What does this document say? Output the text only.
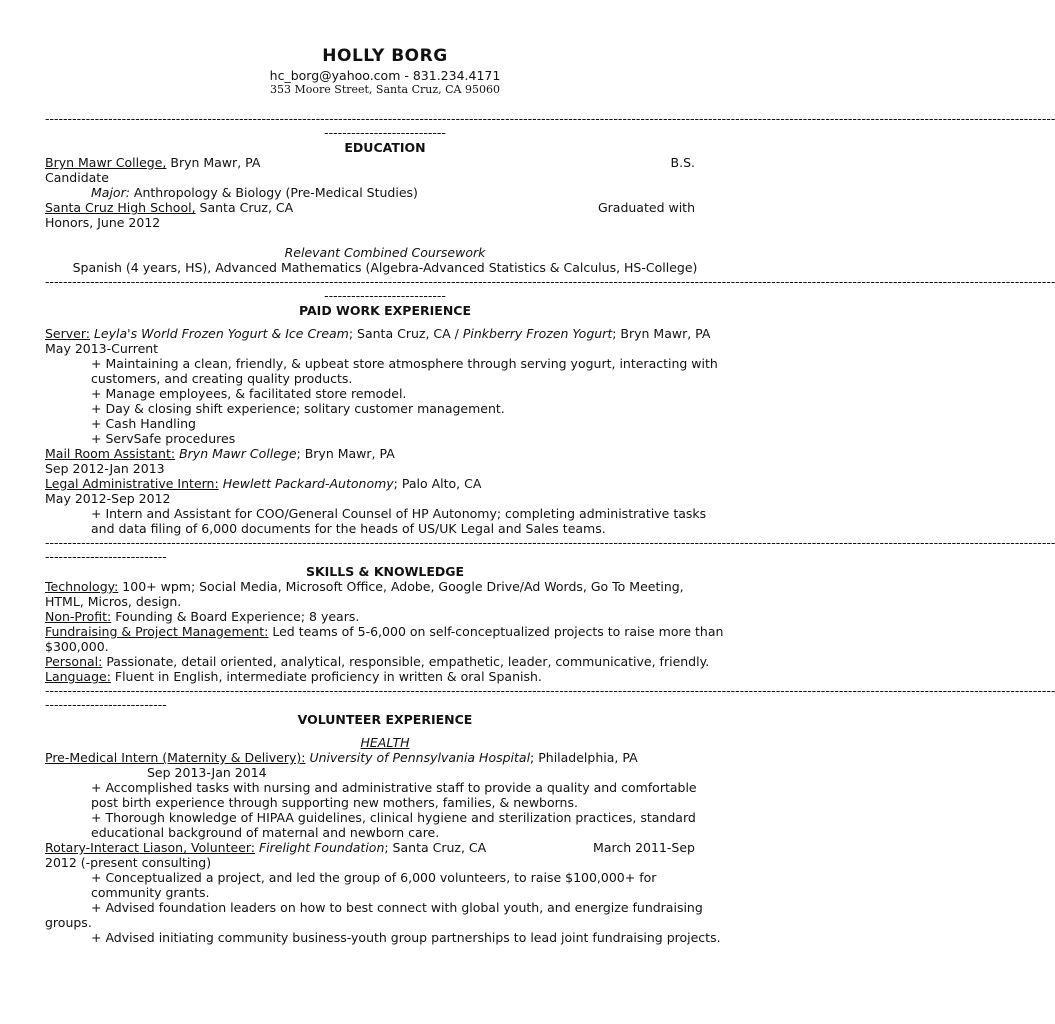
HOLLY BORG
hc_borg@yahoo.com - 831.234.4171
353 Moore Street, Santa Cruz, CA 95060
--------------------------------------------------------------------------------------------------------------------------------------------------------------------------------------------------------------------------------
---------------------------
EDUCATION
Bryn Mawr College, Bryn Mawr, PA	B.S.
Candidate
Major: Anthropology & Biology (Pre-Medical Studies)
Santa Cruz High School, Santa Cruz, CA	Graduated with
Honors, June 2012
Relevant Combined Coursework
Spanish (4 years, HS), Advanced Mathematics (Algebra-Advanced Statistics & Calculus, HS-College)
--------------------------------------------------------------------------------------------------------------------------------------------------------------------------------------------------------------------------------
---------------------------
PAID WORK EXPERIENCE
Server: Leyla's World Frozen Yogurt & Ice Cream; Santa Cruz, CA / Pinkberry Frozen Yogurt; Bryn Mawr, PA
May 2013-Current
+ Maintaining a clean, friendly, & upbeat store atmosphere through serving yogurt, interacting with customers, and creating quality products.
+ Manage employees, & facilitated store remodel.
+ Day & closing shift experience; solitary customer management.
+ Cash Handling
+ ServSafe procedures
Mail Room Assistant: Bryn Mawr College; Bryn Mawr, PA
Sep 2012-Jan 2013
Legal Administrative Intern: Hewlett Packard-Autonomy; Palo Alto, CA
May 2012-Sep 2012
+ Intern and Assistant for COO/General Counsel of HP Autonomy; completing administrative tasks and data filing of 6,000 documents for the heads of US/UK Legal and Sales teams.
--------------------------------------------------------------------------------------------------------------------------------------------------------------------------------------------------------------------------------
---------------------------
SKILLS & KNOWLEDGE
Technology: 100+ wpm; Social Media, Microsoft Office, Adobe, Google Drive/Ad Words, Go To Meeting, HTML, Micros, design.
Non-Profit: Founding & Board Experience; 8 years.
Fundraising & Project Management: Led teams of 5-6,000 on self-conceptualized projects to raise more than $300,000.
Personal: Passionate, detail oriented, analytical, responsible, empathetic, leader, communicative, friendly.
Language: Fluent in English, intermediate proficiency in written & oral Spanish.
--------------------------------------------------------------------------------------------------------------------------------------------------------------------------------------------------------------------------------
---------------------------
VOLUNTEER EXPERIENCE
HEALTH
Pre-Medical Intern (Maternity & Delivery): University of Pennsylvania Hospital; Philadelphia, PA
Sep 2013-Jan 2014
+ Accomplished tasks with nursing and administrative staff to provide a quality and comfortable post birth experience through supporting new mothers, families, & newborns.
+ Thorough knowledge of HIPAA guidelines, clinical hygiene and sterilization practices, standard educational background of maternal and newborn care.
Rotary-Interact Liason, Volunteer: Firelight Foundation; Santa Cruz, CA	March 2011-Sep
2012 (-present consulting)
+ Conceptualized a project, and led the group of 6,000 volunteers, to raise $100,000+ for community grants.
+ Advised foundation leaders on how to best connect with global youth, and energize fundraising groups.
+ Advised initiating community business-youth group partnerships to lead joint fundraising projects.
